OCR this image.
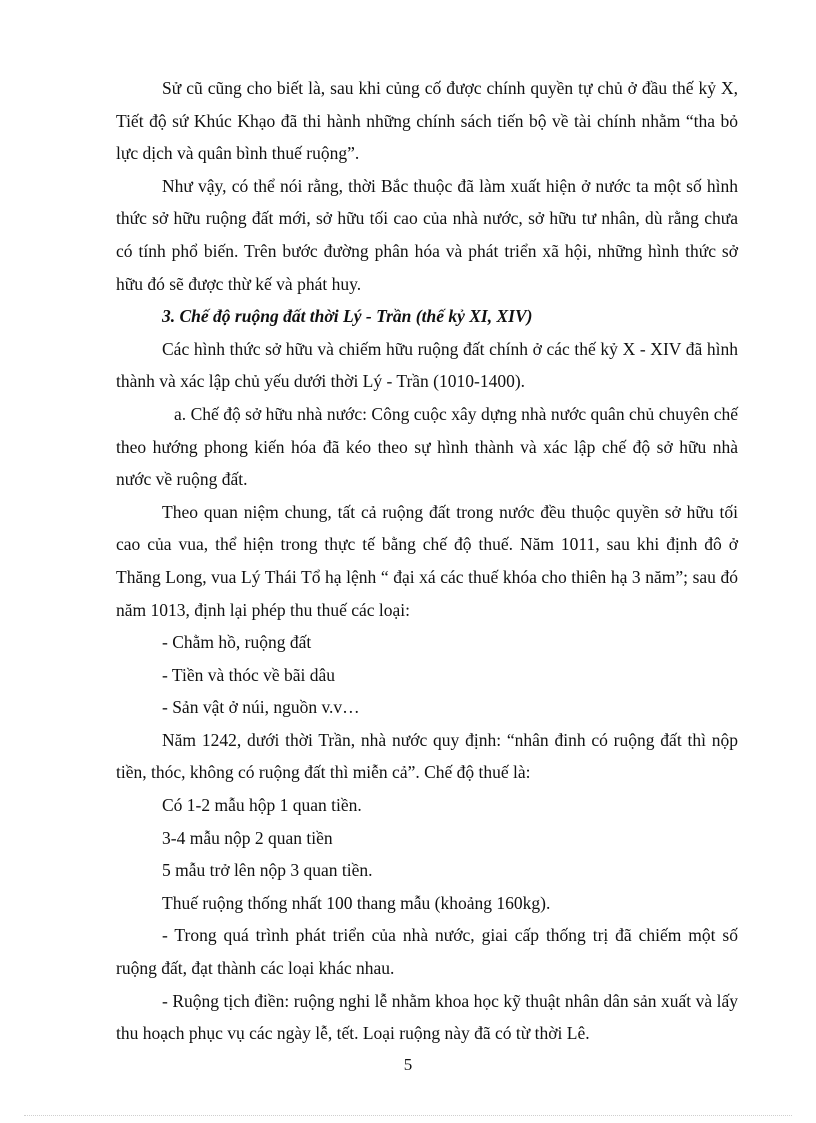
Sử cũ cũng cho biết là, sau khi củng cố được chính quyền tự chủ ở đầu thế kỷ X, Tiết độ sứ Khúc Khạo đã thi hành những chính sách tiến bộ về tài chính nhằm “tha bỏ lực dịch và quân bình thuế ruộng”.

Như vậy, có thể nói rằng, thời Bắc thuộc đã làm xuất hiện ở nước ta một số hình thức sở hữu ruộng đất mới, sở hữu tối cao của nhà nước, sở hữu tư nhân, dù rằng chưa có tính phổ biến. Trên bước đường phân hóa và phát triển xã hội, những hình thức sở hữu đó sẽ được thừ kế và phát huy.

3. Chế độ ruộng đất thời Lý - Trần (thế kỷ XI, XIV)

Các hình thức sở hữu và chiếm hữu ruộng đất chính ở các thế kỷ X - XIV đã hình thành và xác lập chủ yếu dưới thời Lý - Trần (1010-1400).

a. Chế độ sở hữu nhà nước: Công cuộc xây dựng nhà nước quân chủ chuyên chế theo hướng phong kiến hóa đã kéo theo sự hình thành và xác lập chế độ sở hữu nhà nước về ruộng đất.

Theo quan niệm chung, tất cả ruộng đất trong nước đều thuộc quyền sở hữu tối cao của vua, thể hiện trong thực tế bằng chế độ thuế. Năm 1011, sau khi định đô ở Thăng Long, vua Lý Thái Tổ hạ lệnh “ đại xá các thuế khóa cho thiên hạ 3 năm”; sau đó năm 1013, định lại phép thu thuế các loại:

- Chằm hồ, ruộng đất

- Tiền và thóc về bãi dâu

- Sản vật ở núi, nguồn v.v…

Năm 1242, dưới thời Trần, nhà nước quy định: “nhân đinh có ruộng đất thì nộp tiền, thóc, không có ruộng đất thì miễn cả”. Chế độ thuế là:

Có 1-2 mẫu hộp 1 quan tiền.

3-4 mẫu nộp 2 quan tiền

5 mẫu trở lên nộp 3 quan tiền.

Thuế ruộng thống nhất 100 thang mẫu (khoảng 160kg).

- Trong quá trình phát triển của nhà nước, giai cấp thống trị đã chiếm một số ruộng đất, đạt thành các loại khác nhau.

- Ruộng tịch điền: ruộng nghi lễ nhằm khoa học kỹ thuật nhân dân sản xuất và lấy thu hoạch phục vụ các ngày lễ, tết. Loại ruộng này đã có từ thời Lê.

5
